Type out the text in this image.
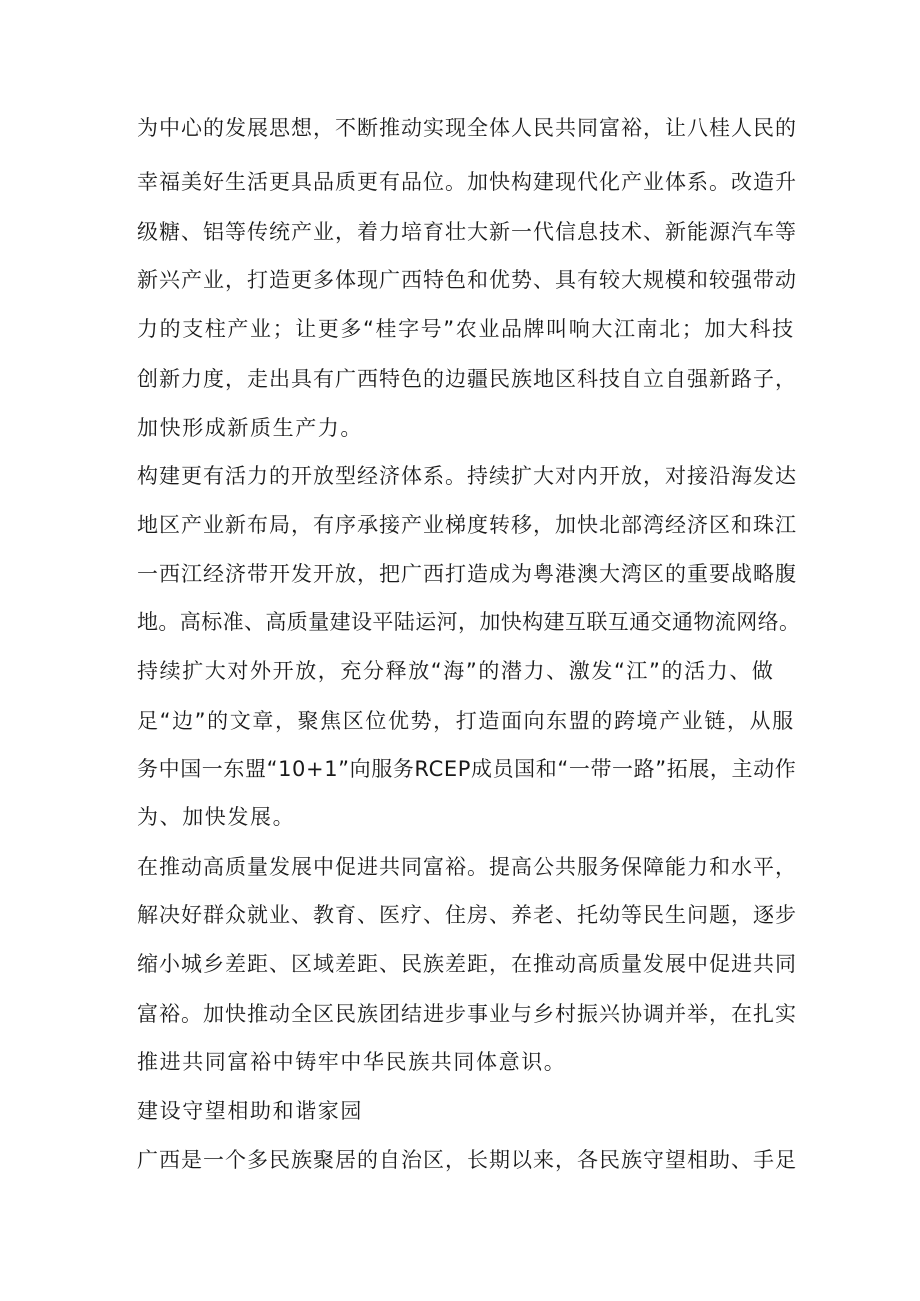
为中心的发展思想，不断推动实现全体人民共同富裕，让八桂人民的
幸福美好生活更具品质更有品位。加快构建现代化产业体系。改造升
级糖、铝等传统产业，着力培育壮大新一代信息技术、新能源汽车等
新兴产业，打造更多体现广西特色和优势、具有较大规模和较强带动
力的支柱产业；让更多“桂字号”农业品牌叫响大江南北；加大科技
创新力度，走出具有广西特色的边疆民族地区科技自立自强新路子，
加快形成新质生产力。
构建更有活力的开放型经济体系。持续扩大对内开放，对接沿海发达
地区产业新布局，有序承接产业梯度转移，加快北部湾经济区和珠江
一西江经济带开发开放，把广西打造成为粤港澳大湾区的重要战略腹
地。高标准、高质量建设平陆运河，加快构建互联互通交通物流网络。
持续扩大对外开放，充分释放“海”的潜力、激发“江”的活力、做
足“边”的文章，聚焦区位优势，打造面向东盟的跨境产业链，从服
务中国一东盟“10+1”向服务RCEP成员国和“一带一路”拓展，主动作
为、加快发展。
在推动高质量发展中促进共同富裕。提高公共服务保障能力和水平，
解决好群众就业、教育、医疗、住房、养老、托幼等民生问题，逐步
缩小城乡差距、区域差距、民族差距，在推动高质量发展中促进共同
富裕。加快推动全区民族团结进步事业与乡村振兴协调并举，在扎实
推进共同富裕中铸牢中华民族共同体意识。
建设守望相助和谐家园
广西是一个多民族聚居的自治区，长期以来，各民族守望相助、手足
